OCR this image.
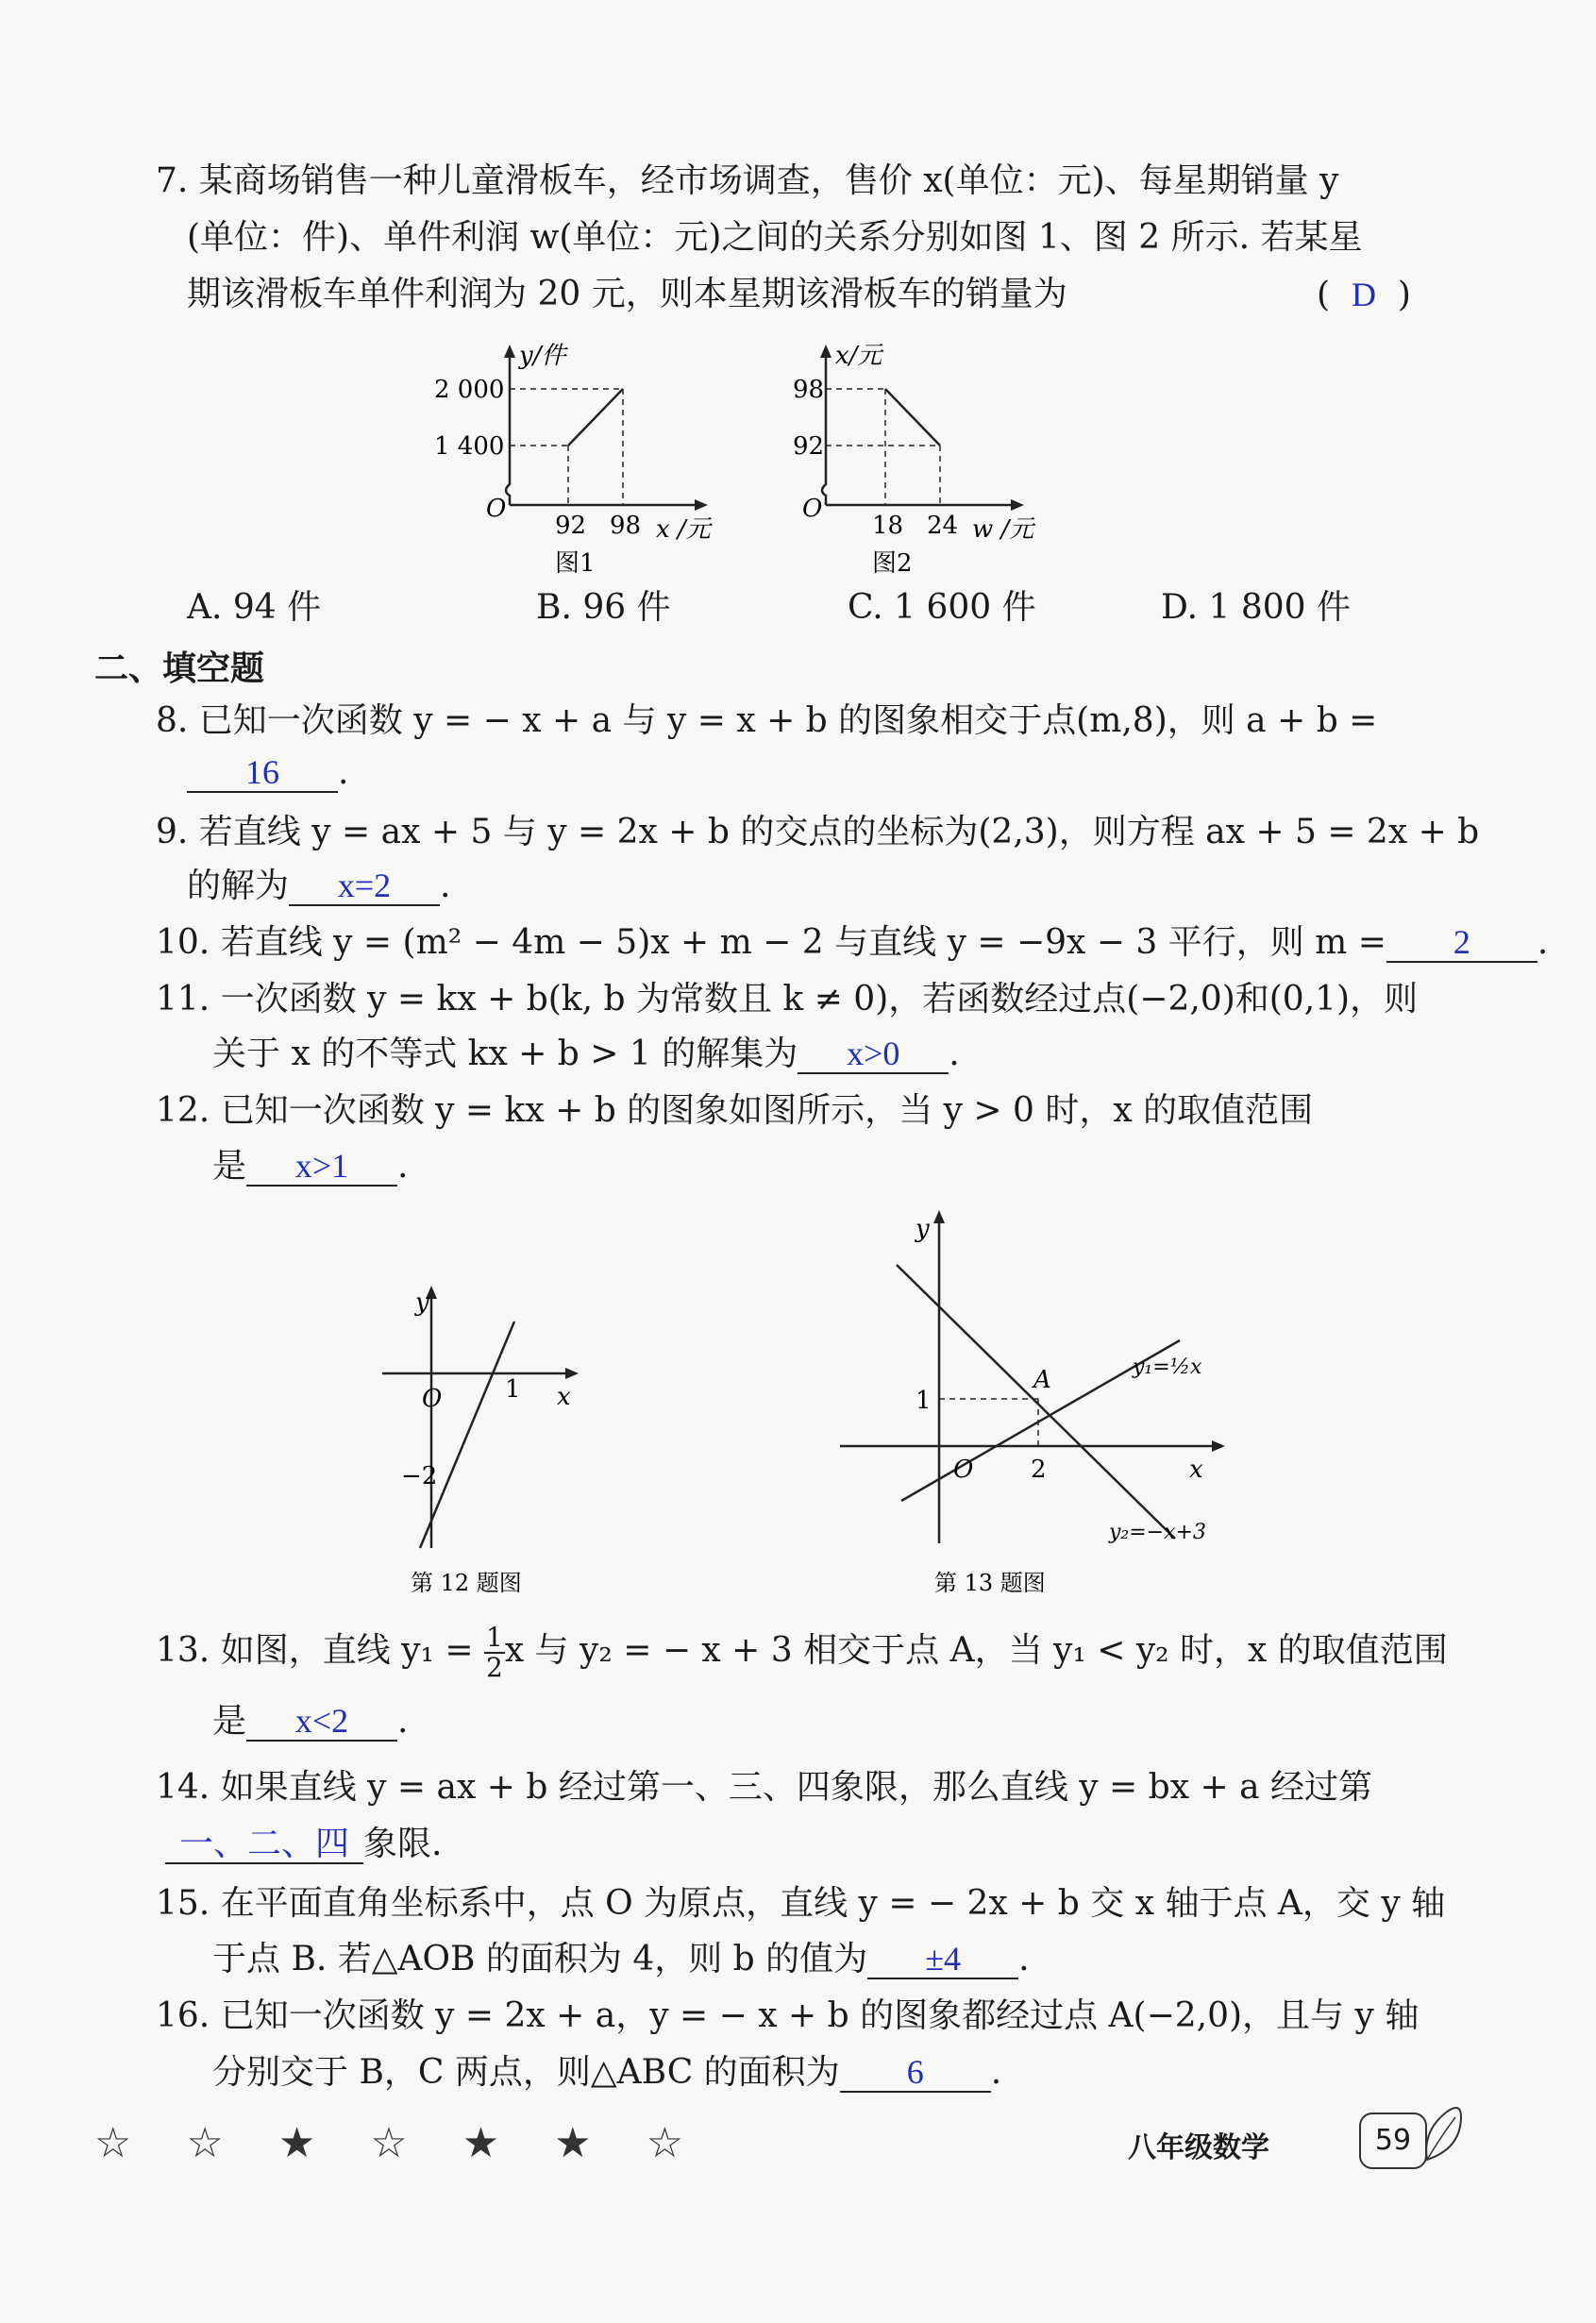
7. 某商场销售一种儿童滑板车，经市场调查，售价 x(单位：元)、每星期销量 y
(单位：件)、单件利润 w(单位：元)之间的关系分别如图 1、图 2 所示. 若某星
期该滑板车单件利润为 20 元，则本星期该滑板车的销量为	( D )
y/件
2 000
1 400
O
92 98 x /元
图1
x/元
98
92
O
18 24 w /元
图2
A. 94 件	B. 96 件	C. 1 600 件	D. 1 800 件
二、填空题
8. 已知一次函数 y = − x + a 与 y = x + b 的图象相交于点(m,8)，则 a + b =
16 .
9. 若直线 y = ax + 5 与 y = 2x + b 的交点的坐标为(2,3)，则方程 ax + 5 = 2x + b
的解为 x=2 .
10. 若直线 y = (m² − 4m − 5)x + m − 2 与直线 y = −9x − 3 平行，则 m = 2 .
11. 一次函数 y = kx + b(k, b 为常数且 k ≠ 0)，若函数经过点(−2,0)和(0,1)，则
关于 x 的不等式 kx + b > 1 的解集为 x>0 .
12. 已知一次函数 y = kx + b 的图象如图所示，当 y > 0 时，x 的取值范围
是 x>1 .
y
O	1 x
−2
第 12 题图
y
O 2	x
1
A	y₁=½x
y₂=−x+3
第 13 题图
13. 如图，直线 $y_1 = \frac{1}{2}$ x 与 y₂ = − x + 3 相交于点 A，当 y₁ < y₂ 时，x 的取值范围
是 x<2 .
14. 如果直线 y = ax + b 经过第一、三、四象限，那么直线 y = bx + a 经过第
一、二、四 象限.
15. 在平面直角坐标系中，点 O 为原点，直线 y = − 2x + b 交 x 轴于点 A，交 y 轴
于点 B. 若△AOB 的面积为 4，则 b 的值为 ±4 .
16. 已知一次函数 y = 2x + a，y = − x + b 的图象都经过点 A(−2,0)，且与 y 轴
分别交于 B，C 两点，则△ABC 的面积为 6 .
☆ ☆ ★ ☆ ★ ★ ☆	八年级数学	59
